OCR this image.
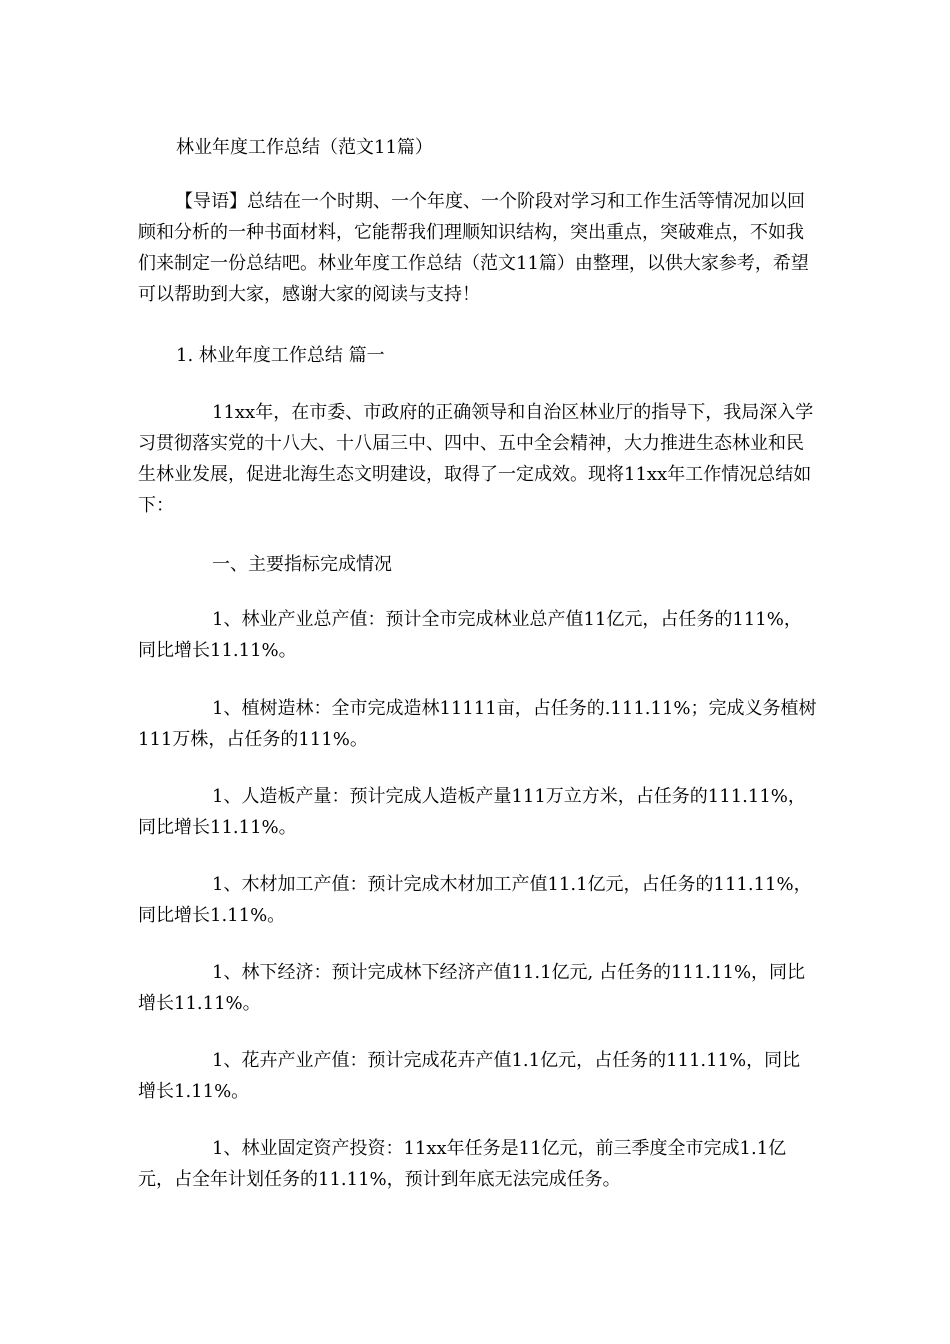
林业年度工作总结（范文11篇）

【导语】总结在一个时期、一个年度、一个阶段对学习和工作生活等情况加以回顾和分析的一种书面材料，它能帮我们理顺知识结构，突出重点，突破难点，不如我们来制定一份总结吧。林业年度工作总结（范文11篇）由整理，以供大家参考，希望可以帮助到大家，感谢大家的阅读与支持！

1. 林业年度工作总结 篇一

11xx年，在市委、市政府的正确领导和自治区林业厅的指导下，我局深入学习贯彻落实党的十八大、十八届三中、四中、五中全会精神，大力推进生态林业和民生林业发展，促进北海生态文明建设，取得了一定成效。现将11xx年工作情况总结如下：

一、主要指标完成情况

1、林业产业总产值：预计全市完成林业总产值11亿元，占任务的111%，同比增长11.11%。

1、植树造林：全市完成造林11111亩，占任务的.111.11%；完成义务植树111万株，占任务的111%。

1、人造板产量：预计完成人造板产量111万立方米，占任务的111.11%，同比增长11.11%。

1、木材加工产值：预计完成木材加工产值11.1亿元，占任务的111.11%，同比增长1.11%。

1、林下经济：预计完成林下经济产值11.1亿元, 占任务的111.11%，同比增长11.11%。

1、花卉产业产值：预计完成花卉产值1.1亿元，占任务的111.11%，同比增长1.11%。

1、林业固定资产投资：11xx年任务是11亿元，前三季度全市完成1.1亿元，占全年计划任务的11.11%，预计到年底无法完成任务。
